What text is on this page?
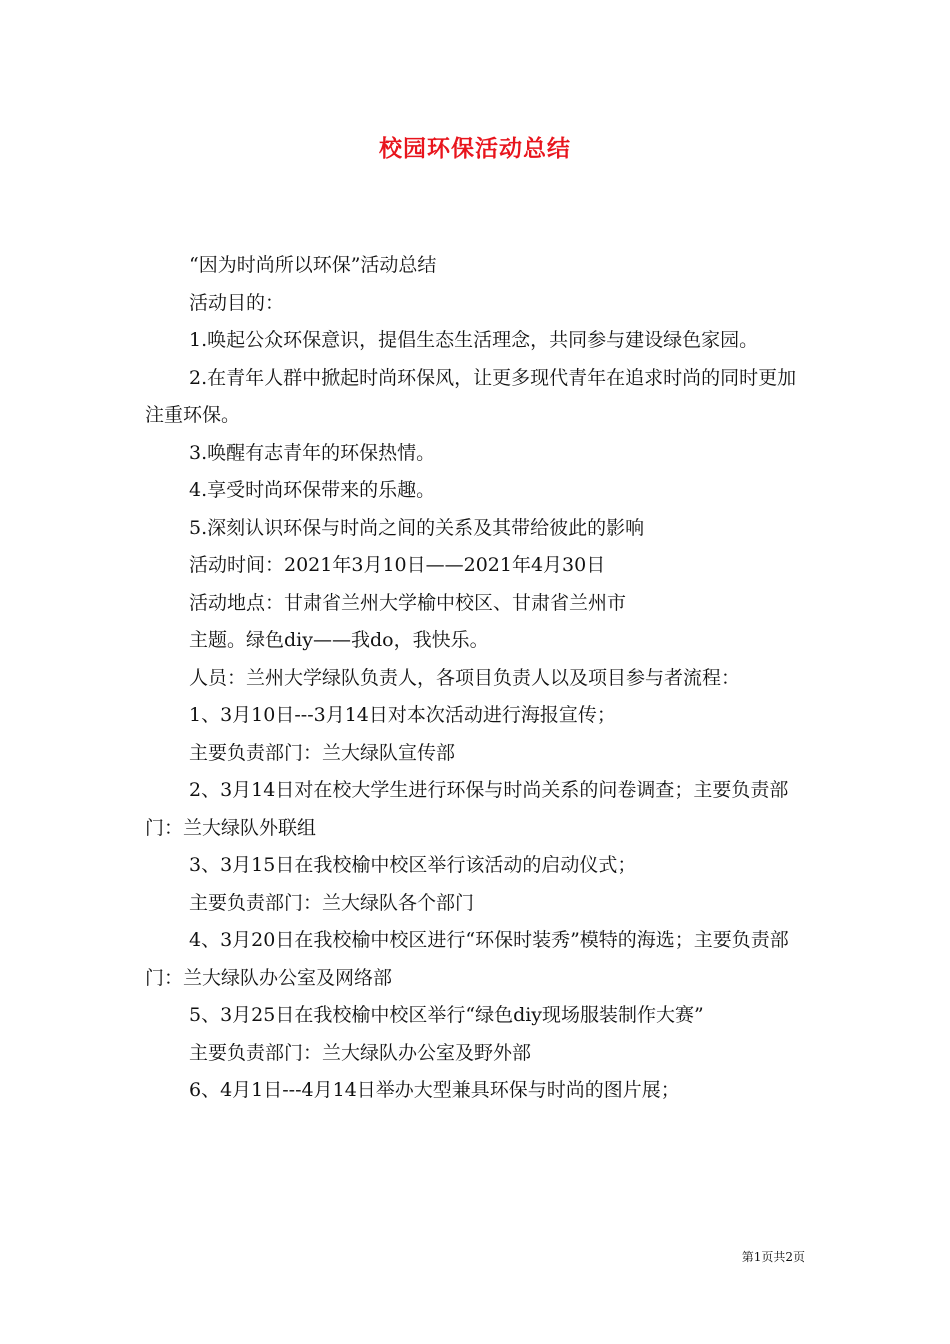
校园环保活动总结

“因为时尚所以环保”活动总结

活动目的：

1.唤起公众环保意识，提倡生态生活理念，共同参与建设绿色家园。

2.在青年人群中掀起时尚环保风，让更多现代青年在追求时尚的同时更加注重环保。

3.唤醒有志青年的环保热情。

4.享受时尚环保带来的乐趣。

5.深刻认识环保与时尚之间的关系及其带给彼此的影响

活动时间：2021年3月10日——2021年4月30日

活动地点：甘肃省兰州大学榆中校区、甘肃省兰州市

主题。绿色diy——我do，我快乐。

人员：兰州大学绿队负责人，各项目负责人以及项目参与者流程：

1、3月10日---3月14日对本次活动进行海报宣传；

主要负责部门：兰大绿队宣传部

2、3月14日对在校大学生进行环保与时尚关系的问卷调查；主要负责部门：兰大绿队外联组

3、3月15日在我校榆中校区举行该活动的启动仪式；

主要负责部门：兰大绿队各个部门

4、3月20日在我校榆中校区进行“环保时装秀”模特的海选；主要负责部门：兰大绿队办公室及网络部

5、3月25日在我校榆中校区举行“绿色diy现场服装制作大赛”

主要负责部门：兰大绿队办公室及野外部

6、4月1日---4月14日举办大型兼具环保与时尚的图片展；

第1页共2页
